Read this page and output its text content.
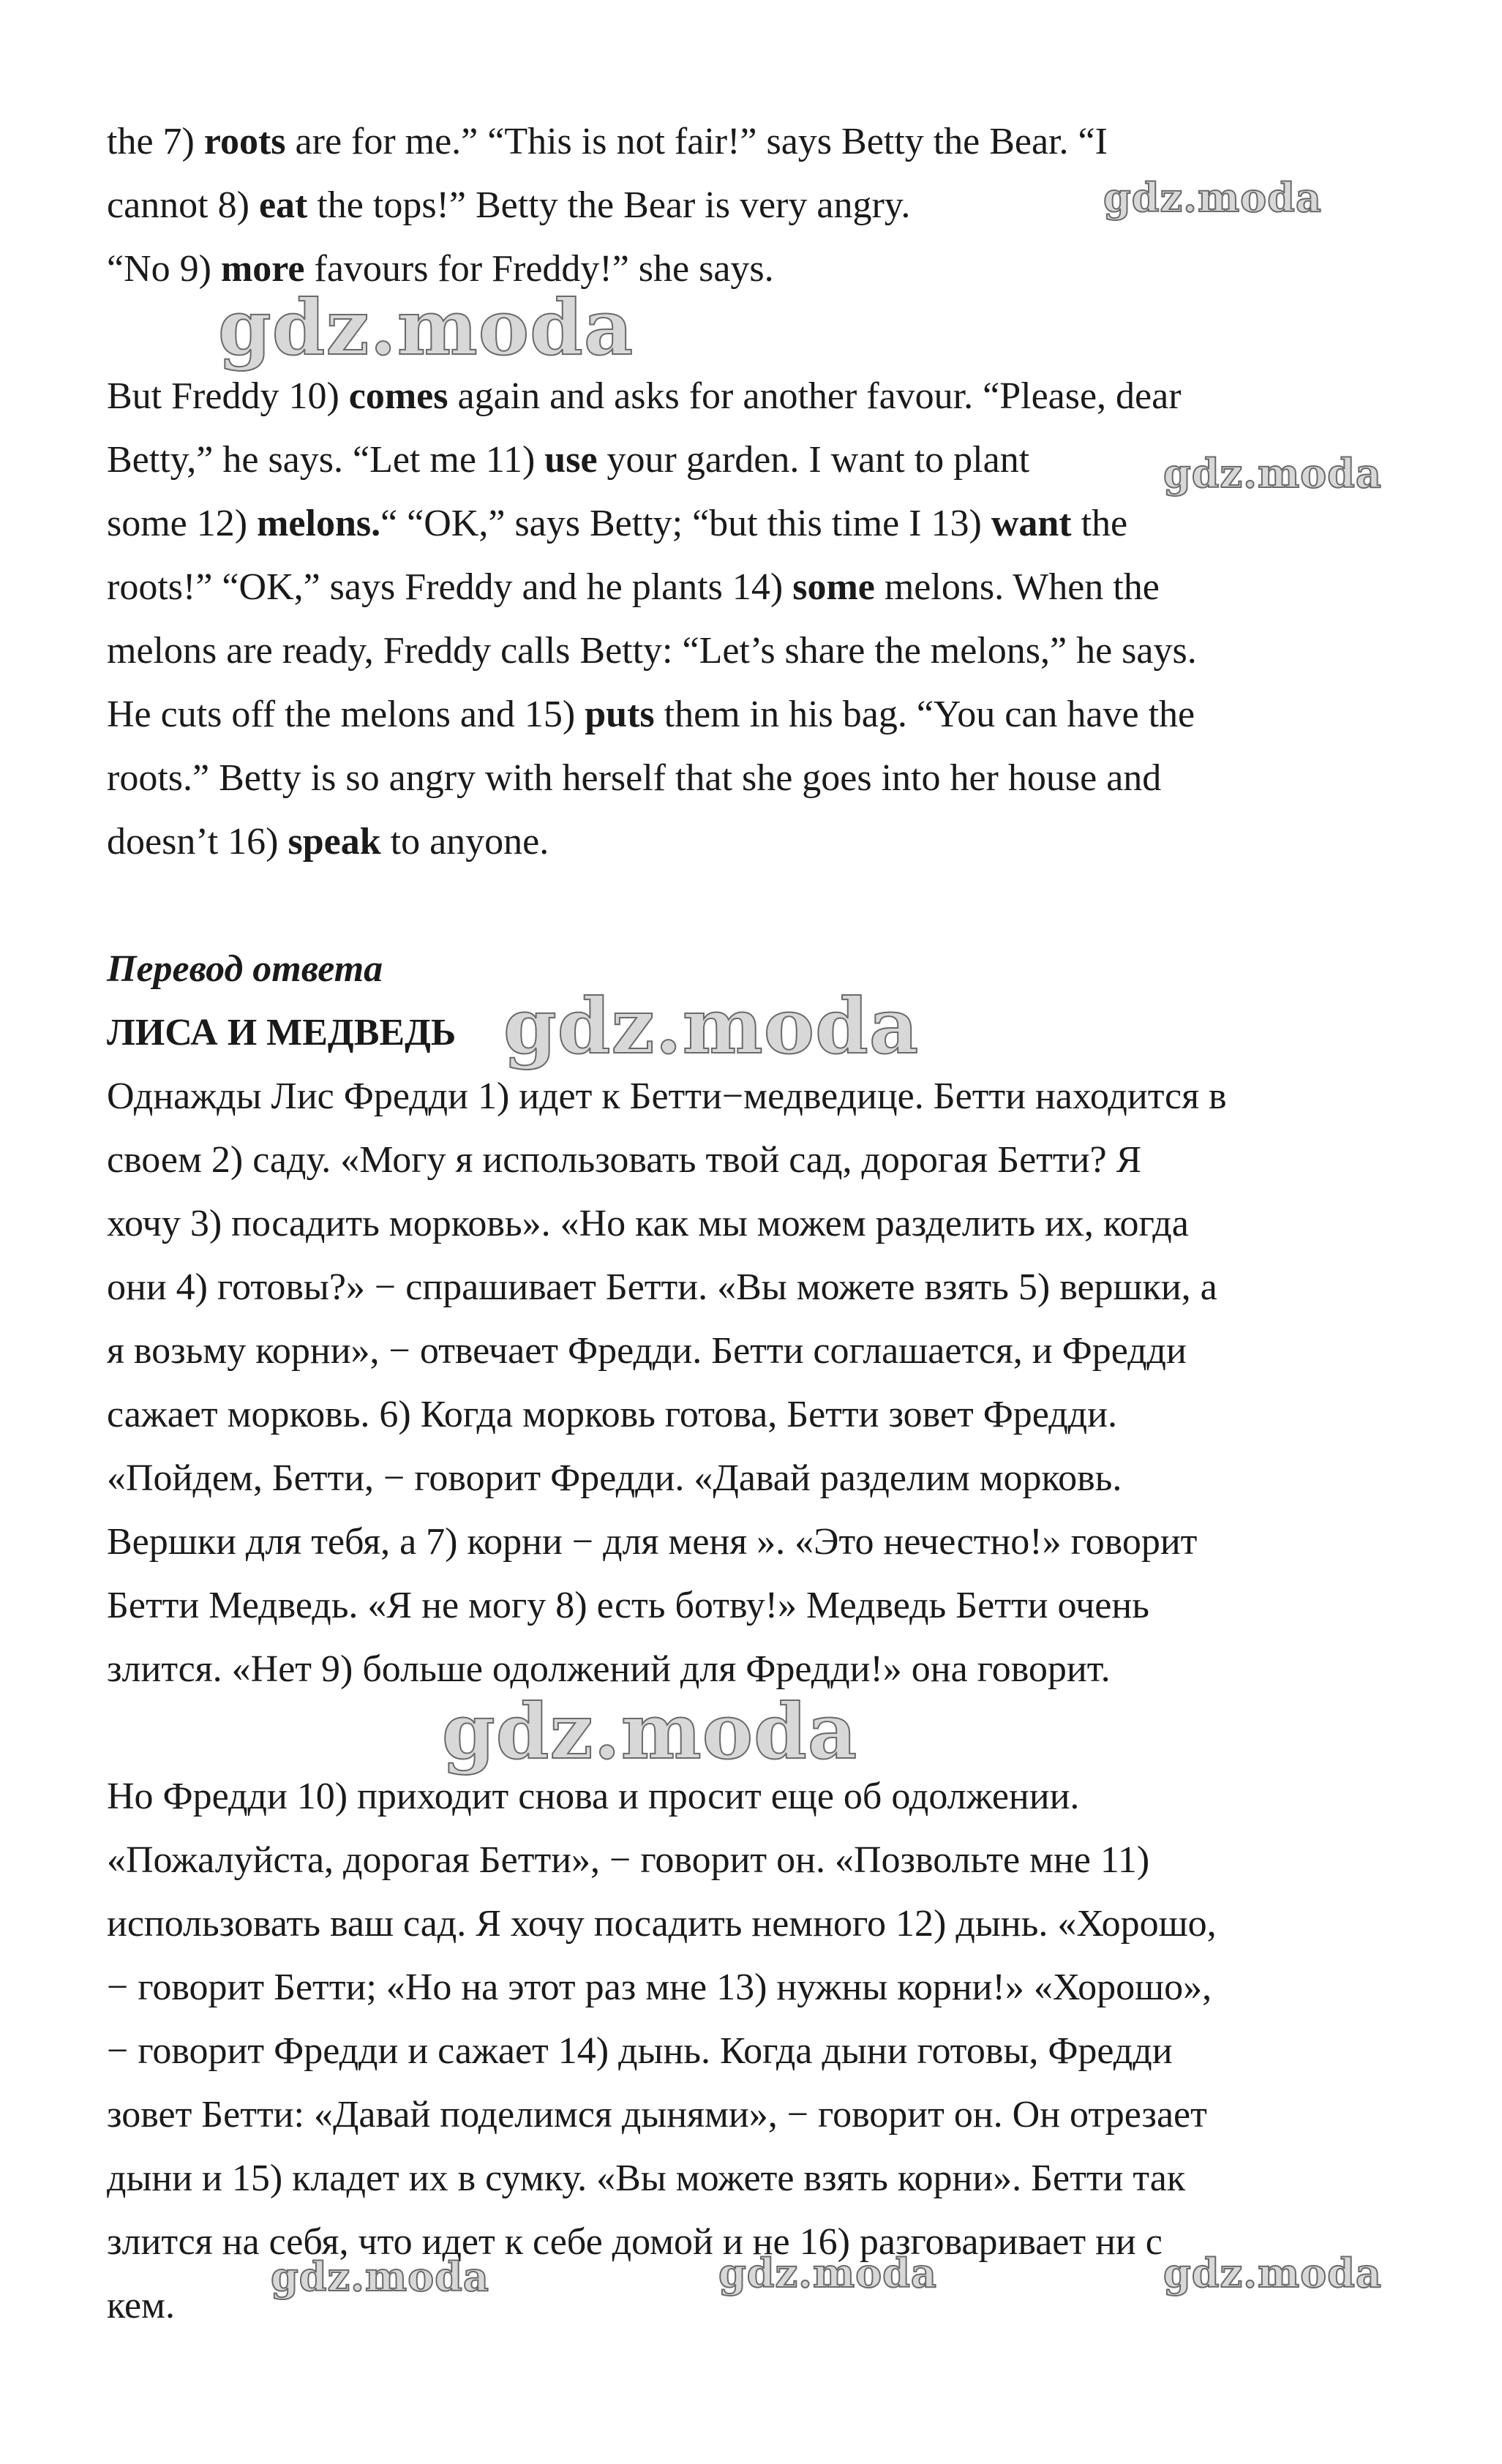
the 7) roots are for me.” “This is not fair!” says Betty the Bear. “I
cannot 8) eat the tops!” Betty the Bear is very angry.
“No 9) more favours for Freddy!” she says.
But Freddy 10) comes again and asks for another favour. “Please, dear
Betty,” he says. “Let me 11) use your garden. I want to plant
some 12) melons.“ “OK,” says Betty; “but this time I 13) want the
roots!” “OK,” says Freddy and he plants 14) some melons. When the
melons are ready, Freddy calls Betty: “Let’s share the melons,” he says.
He cuts off the melons and 15) puts them in his bag. “You can have the
roots.” Betty is so angry with herself that she goes into her house and
doesn’t 16) speak to anyone.
Перевод ответа
ЛИСА И МЕДВЕДЬ
Однажды Лис Фредди 1) идет к Бетти−медведице. Бетти находится в
своем 2) саду. «Могу я использовать твой сад, дорогая Бетти? Я
хочу 3) посадить морковь». «Но как мы можем разделить их, когда
они 4) готовы?» − спрашивает Бетти. «Вы можете взять 5) вершки, а
я возьму корни», − отвечает Фредди. Бетти соглашается, и Фредди
сажает морковь. 6) Когда морковь готова, Бетти зовет Фредди.
«Пойдем, Бетти, − говорит Фредди. «Давай разделим морковь.
Вершки для тебя, а 7) корни − для меня ». «Это нечестно!» говорит
Бетти Медведь. «Я не могу 8) есть ботву!» Медведь Бетти очень
злится. «Нет 9) больше одолжений для Фредди!» она говорит.
Но Фредди 10) приходит снова и просит еще об одолжении.
«Пожалуйста, дорогая Бетти», − говорит он. «Позвольте мне 11)
использовать ваш сад. Я хочу посадить немного 12) дынь. «Хорошо,
− говорит Бетти; «Но на этот раз мне 13) нужны корни!» «Хорошо»,
− говорит Фредди и сажает 14) дынь. Когда дыни готовы, Фредди
зовет Бетти: «Давай поделимся дынями», − говорит он. Он отрезает
дыни и 15) кладет их в сумку. «Вы можете взять корни». Бетти так
злится на себя, что идет к себе домой и не 16) разговаривает ни с
кем.
gdz.moda
gdz.moda
gdz.moda
gdz.moda
gdz.moda
gdz.moda	gdz.moda	gdz.moda
